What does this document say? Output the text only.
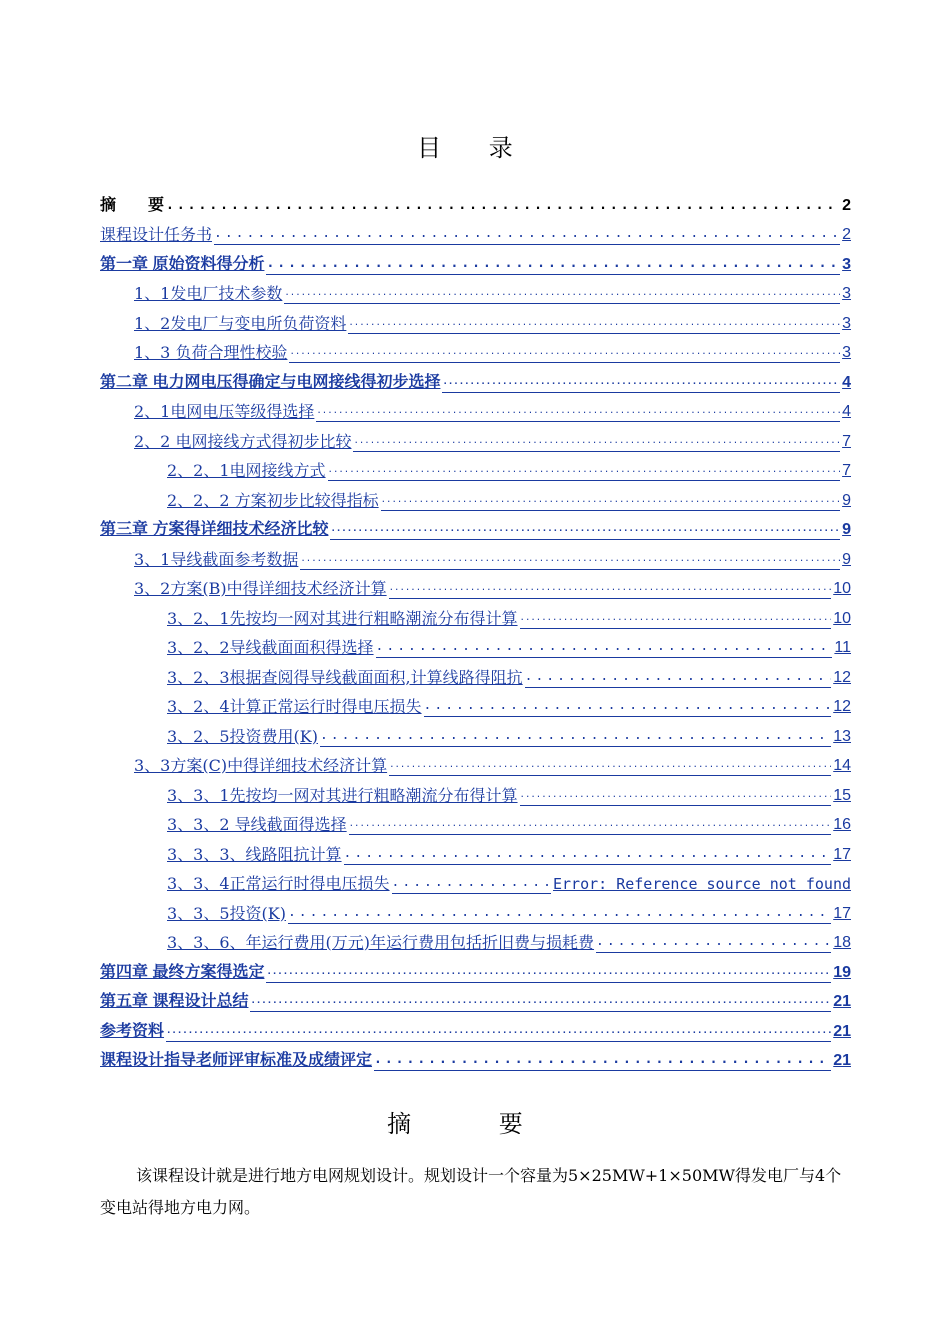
目 录
摘　　要 .....	2
课程设计任务书 .....	2
第一章 原始资料得分析 .....	3
1、1发电厂技术参数 .....	3
1、2发电厂与变电所负荷资料 .....	3
1、3 负荷合理性校验 .....	3
第二章 电力网电压得确定与电网接线得初步选择 .....	4
2、1电网电压等级得选择 .....	4
2、2 电网接线方式得初步比较 .....	7
2、2、1电网接线方式 .....	7
2、2、2 方案初步比较得指标 .....	9
第三章 方案得详细技术经济比较 .....	9
3、1导线截面参考数据 .....	9
3、2方案(B)中得详细技术经济计算 .....	10
3、2、1先按均一网对其进行粗略潮流分布得计算 .....	10
3、2、2导线截面面积得选择 .....	11
3、2、3根据查阅得导线截面面积,计算线路得阻抗 .....	12
3、2、4计算正常运行时得电压损失 .....	12
3、2、5投资费用(K) .....	13
3、3方案(C)中得详细技术经济计算 .....	14
3、3、1先按均一网对其进行粗略潮流分布得计算 .....	15
3、3、2 导线截面得选择 .....	16
3、3、3、线路阻抗计算 .....	17
3、3、4正常运行时得电压损失 .....	Error: Reference source not found
3、3、5投资(K) .....	17
3、3、6、年运行费用(万元)年运行费用包括折旧费与损耗费 .....	18
第四章 最终方案得选定 .....	19
第五章 课程设计总结 .....	21
参考资料 .....	21
课程设计指导老师评审标准及成绩评定 .....	21
摘 要
该课程设计就是进行地方电网规划设计。规划设计一个容量为5×25MW+1×50MW得发电厂与4个变电站得地方电力网。
